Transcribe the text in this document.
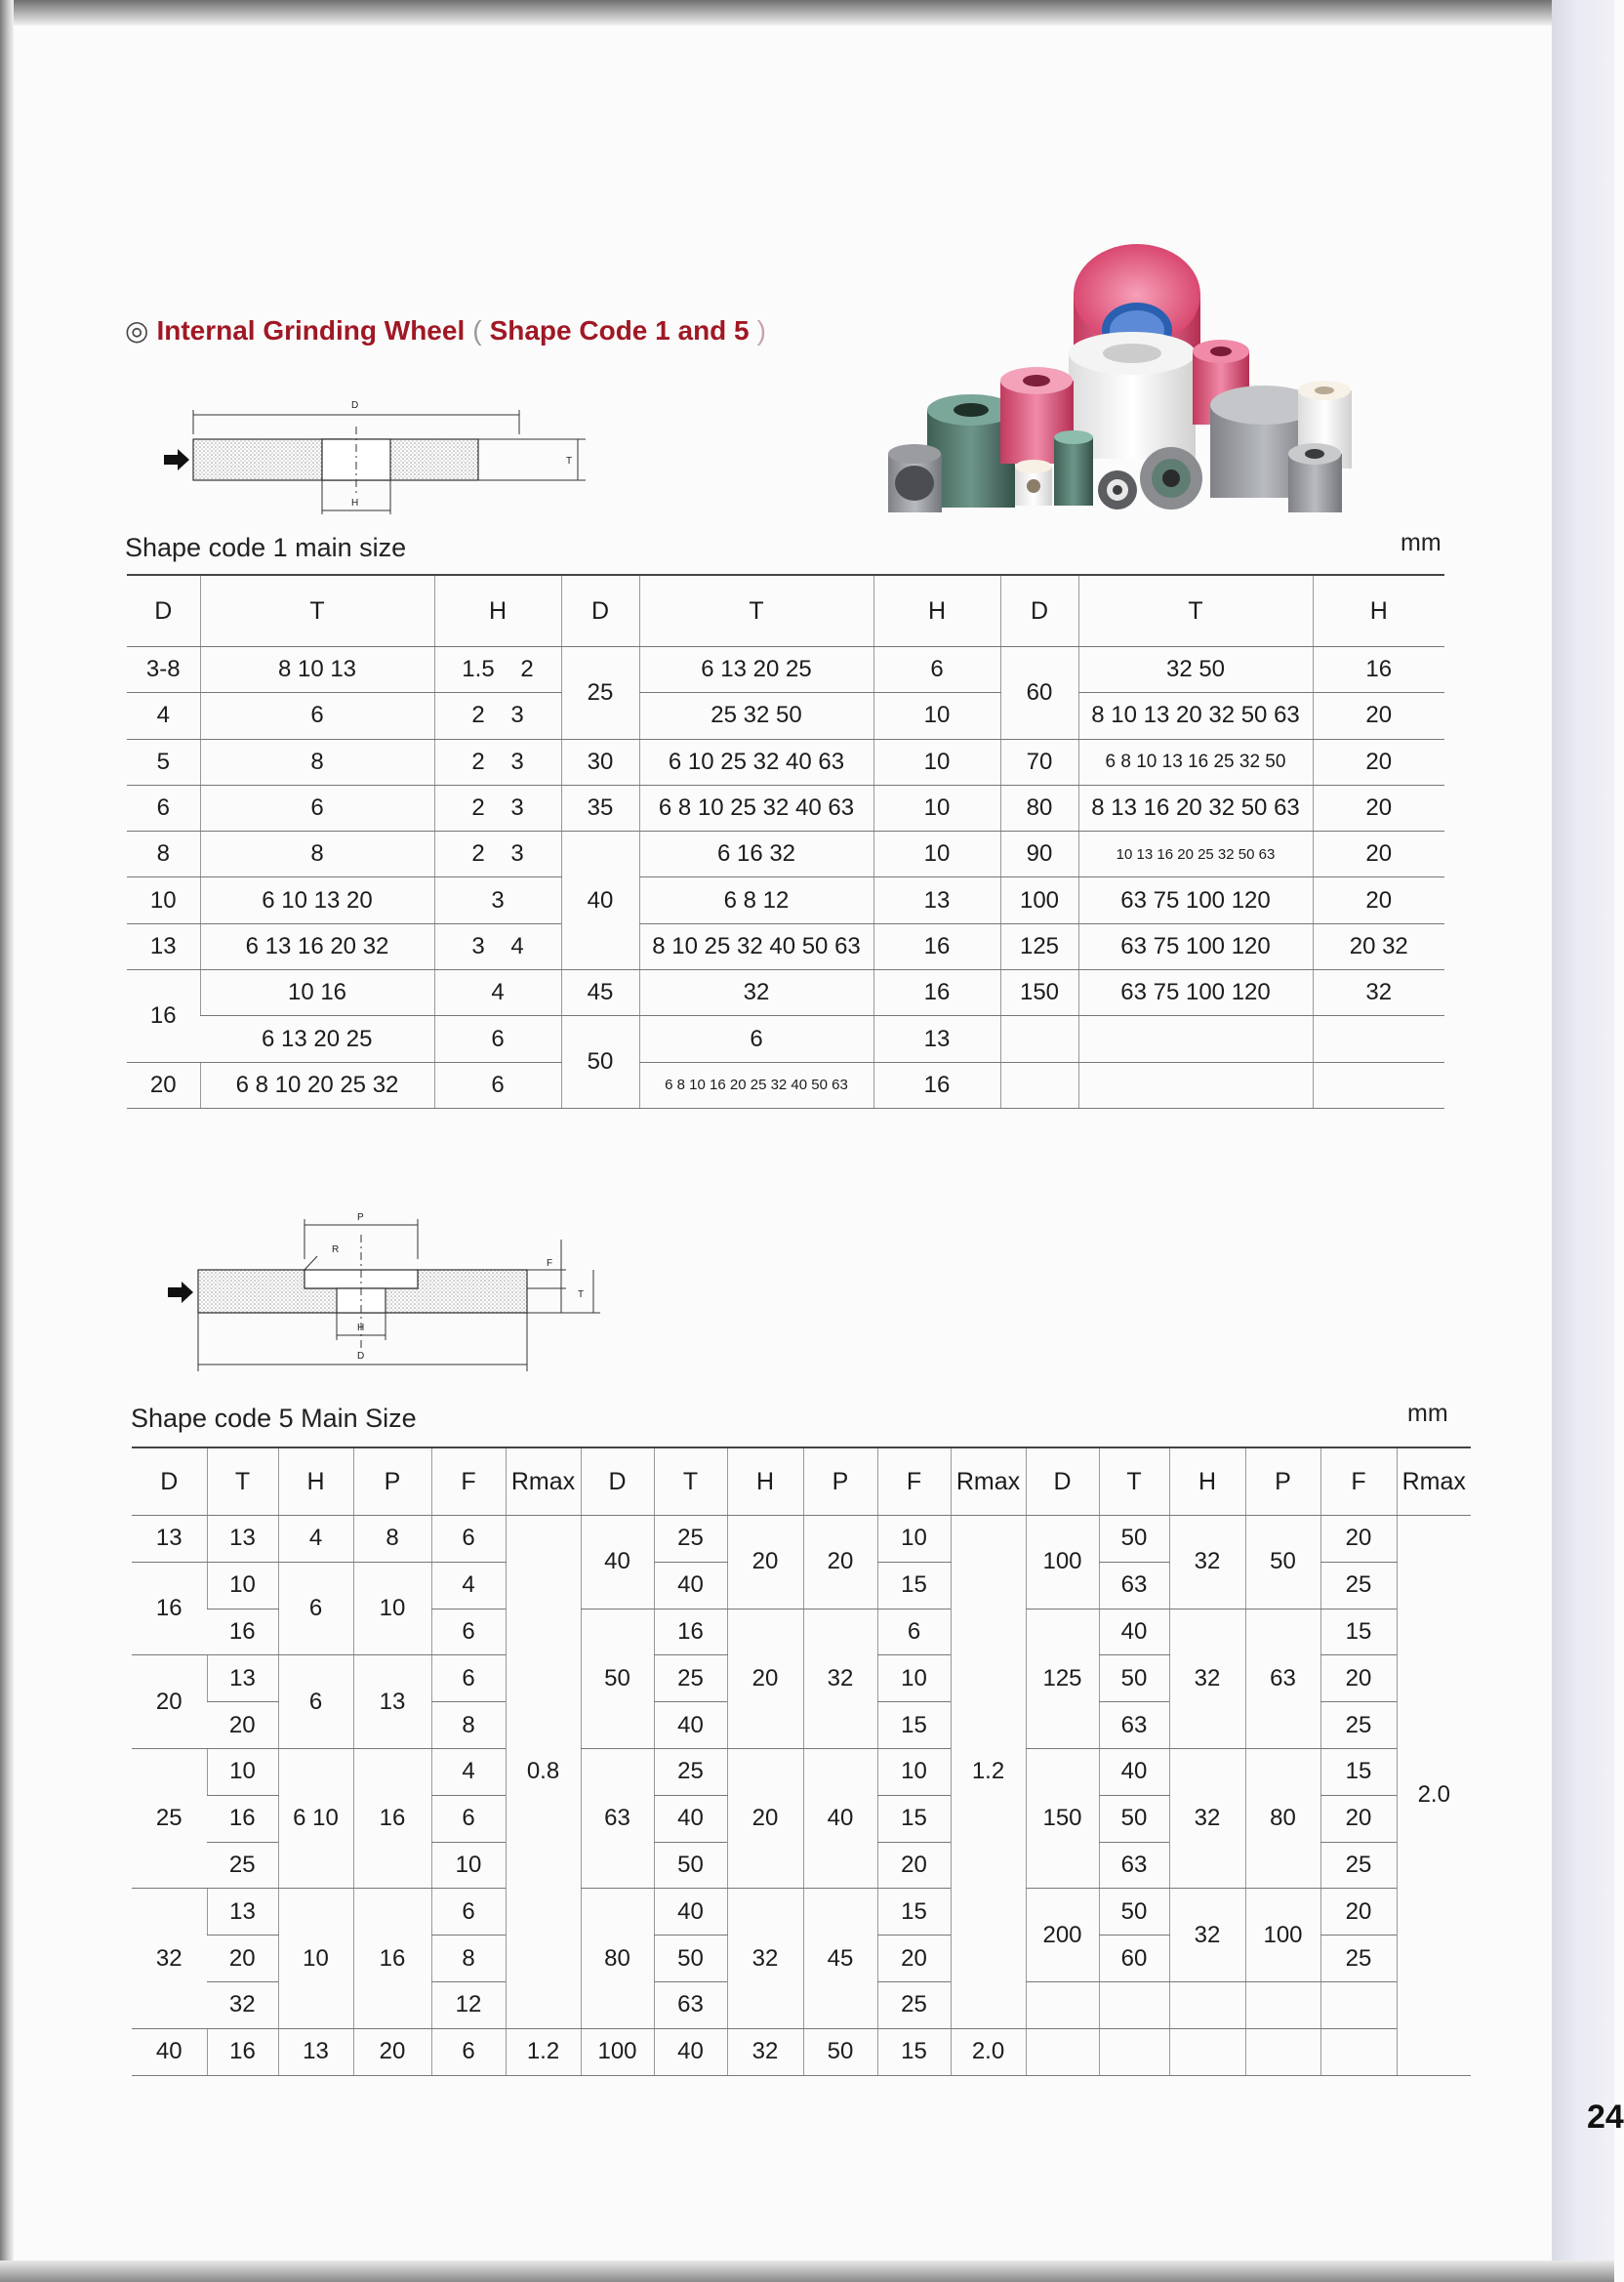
◎ Internal Grinding Wheel ( Shape Code 1 and 5 )
D
T
H
Shape code 1 main size	mm
D	T	H	D	T	H	D	T	H
3-8	8 10 13	1.5    2	25	6 13 20 25	6	60	32 50	16
4	6	2    3		25 32 50	10		8 10 13 20 32 50 63	20
5	8	2    3	30	6 10 25 32 40 63	10	70	6 8 10 13 16 25 32 50	20
6	6	2    3	35	6 8 10 25 32 40 63	10	80	8 13 16 20 32 50 63	20
8	8	2    3	40	6 16 32	10	90	10 13 16 20 25 32 50 63	20
10	6 10 13 20	3		6 8 12	13	100	63 75 100 120	20
13	6 13 16 20 32	3    4		8 10 25 32 40 50 63	16	125	63 75 100 120	20 32
16	10 16	4	45	32	16	150	63 75 100 120	32
	6 13 20 25	6	50	6	13			
20	6 8 10 20 25 32	6		6 8 10 16 20 25 32 40 50 63	16			
P
R
F
T
H
D
Shape code 5 Main Size	mm
D	T	H	P	F	Rmax	D	T	H	P	F	Rmax	D	T	H	P	F	Rmax
13	13	4	8	6	0.8	40	25	20	20	10	1.2	100	50	32	50	20	2.0
16	10	6	10	4			40			15			63			25	
	16			6		50	16	20	32	6		125	40	32	63	15	
20	13	6	13	6			25			10			50			20	
	20			8			40			15			63			25	
25	10	6 10	16	4		63	25	20	40	10		150	40	32	80	15	
	16			6			40			15			50			20	
	25			10			50			20			63			25	
32	13	10	16	6		80	40	32	45	15		200	50	32	100	20	
	20			8			50			20			60			25	
	32			12			63			25							
40	16	13	20	6	1.2	100	40	32	50	15	2.0						
24
